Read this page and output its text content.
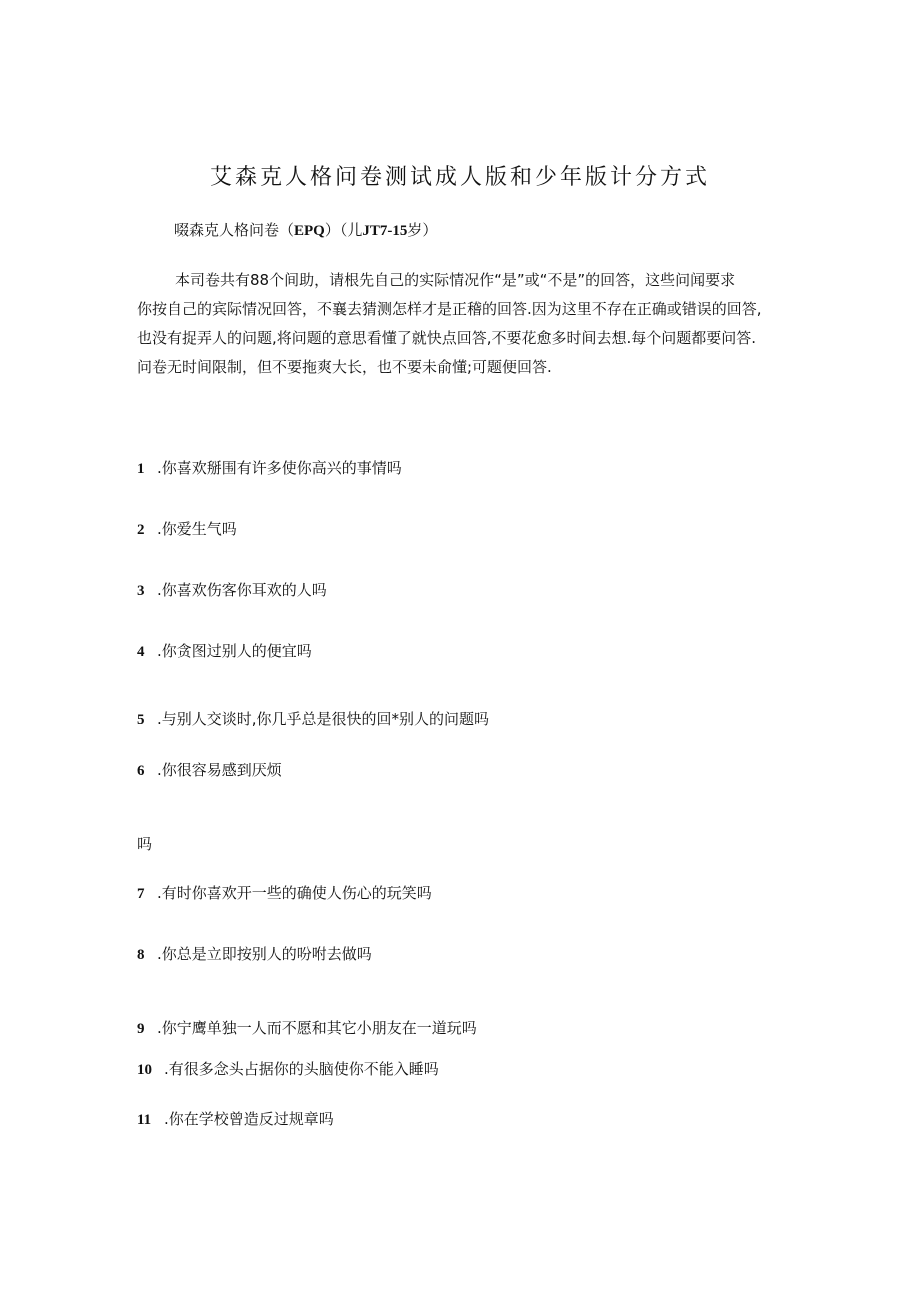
艾森克人格问卷测试成人版和少年版计分方式

啜森克人格问卷（EPQ）（儿JT7-15岁）

本司卷共有88个间助，请根先自己的实际情况作“是”或“不是”的回答，这些问闻要求
你按自己的宾际情况回答，不襄去猜测怎样才是正稽的回答.因为这里不存在正确或错误的回答,
也没有捉弄人的问题,将问题的意思看懂了就快点回答,不要花愈多时间去想.每个问题都要问答.
问卷无时间限制，但不要拖爽大长，也不要未俞懂;可题便回答.

1 .你喜欢掰围有许多使你高兴的事情吗

2 .你爱生气吗

3 .你喜欢伤客你耳欢的人吗

4 .你贪图过别人的便宜吗

5 .与别人交谈时,你几乎总是很快的回*别人的问题吗

6 .你很容易感到厌烦

吗

7 .有时你喜欢开一些的确使人伤心的玩笑吗

8 .你总是立即按别人的吩咐去做吗

9 .你宁鹰单独一人而不愿和其它小朋友在一道玩吗

10 .有很多念头占据你的头脑使你不能入睡吗

11 .你在学校曾造反过规章吗
